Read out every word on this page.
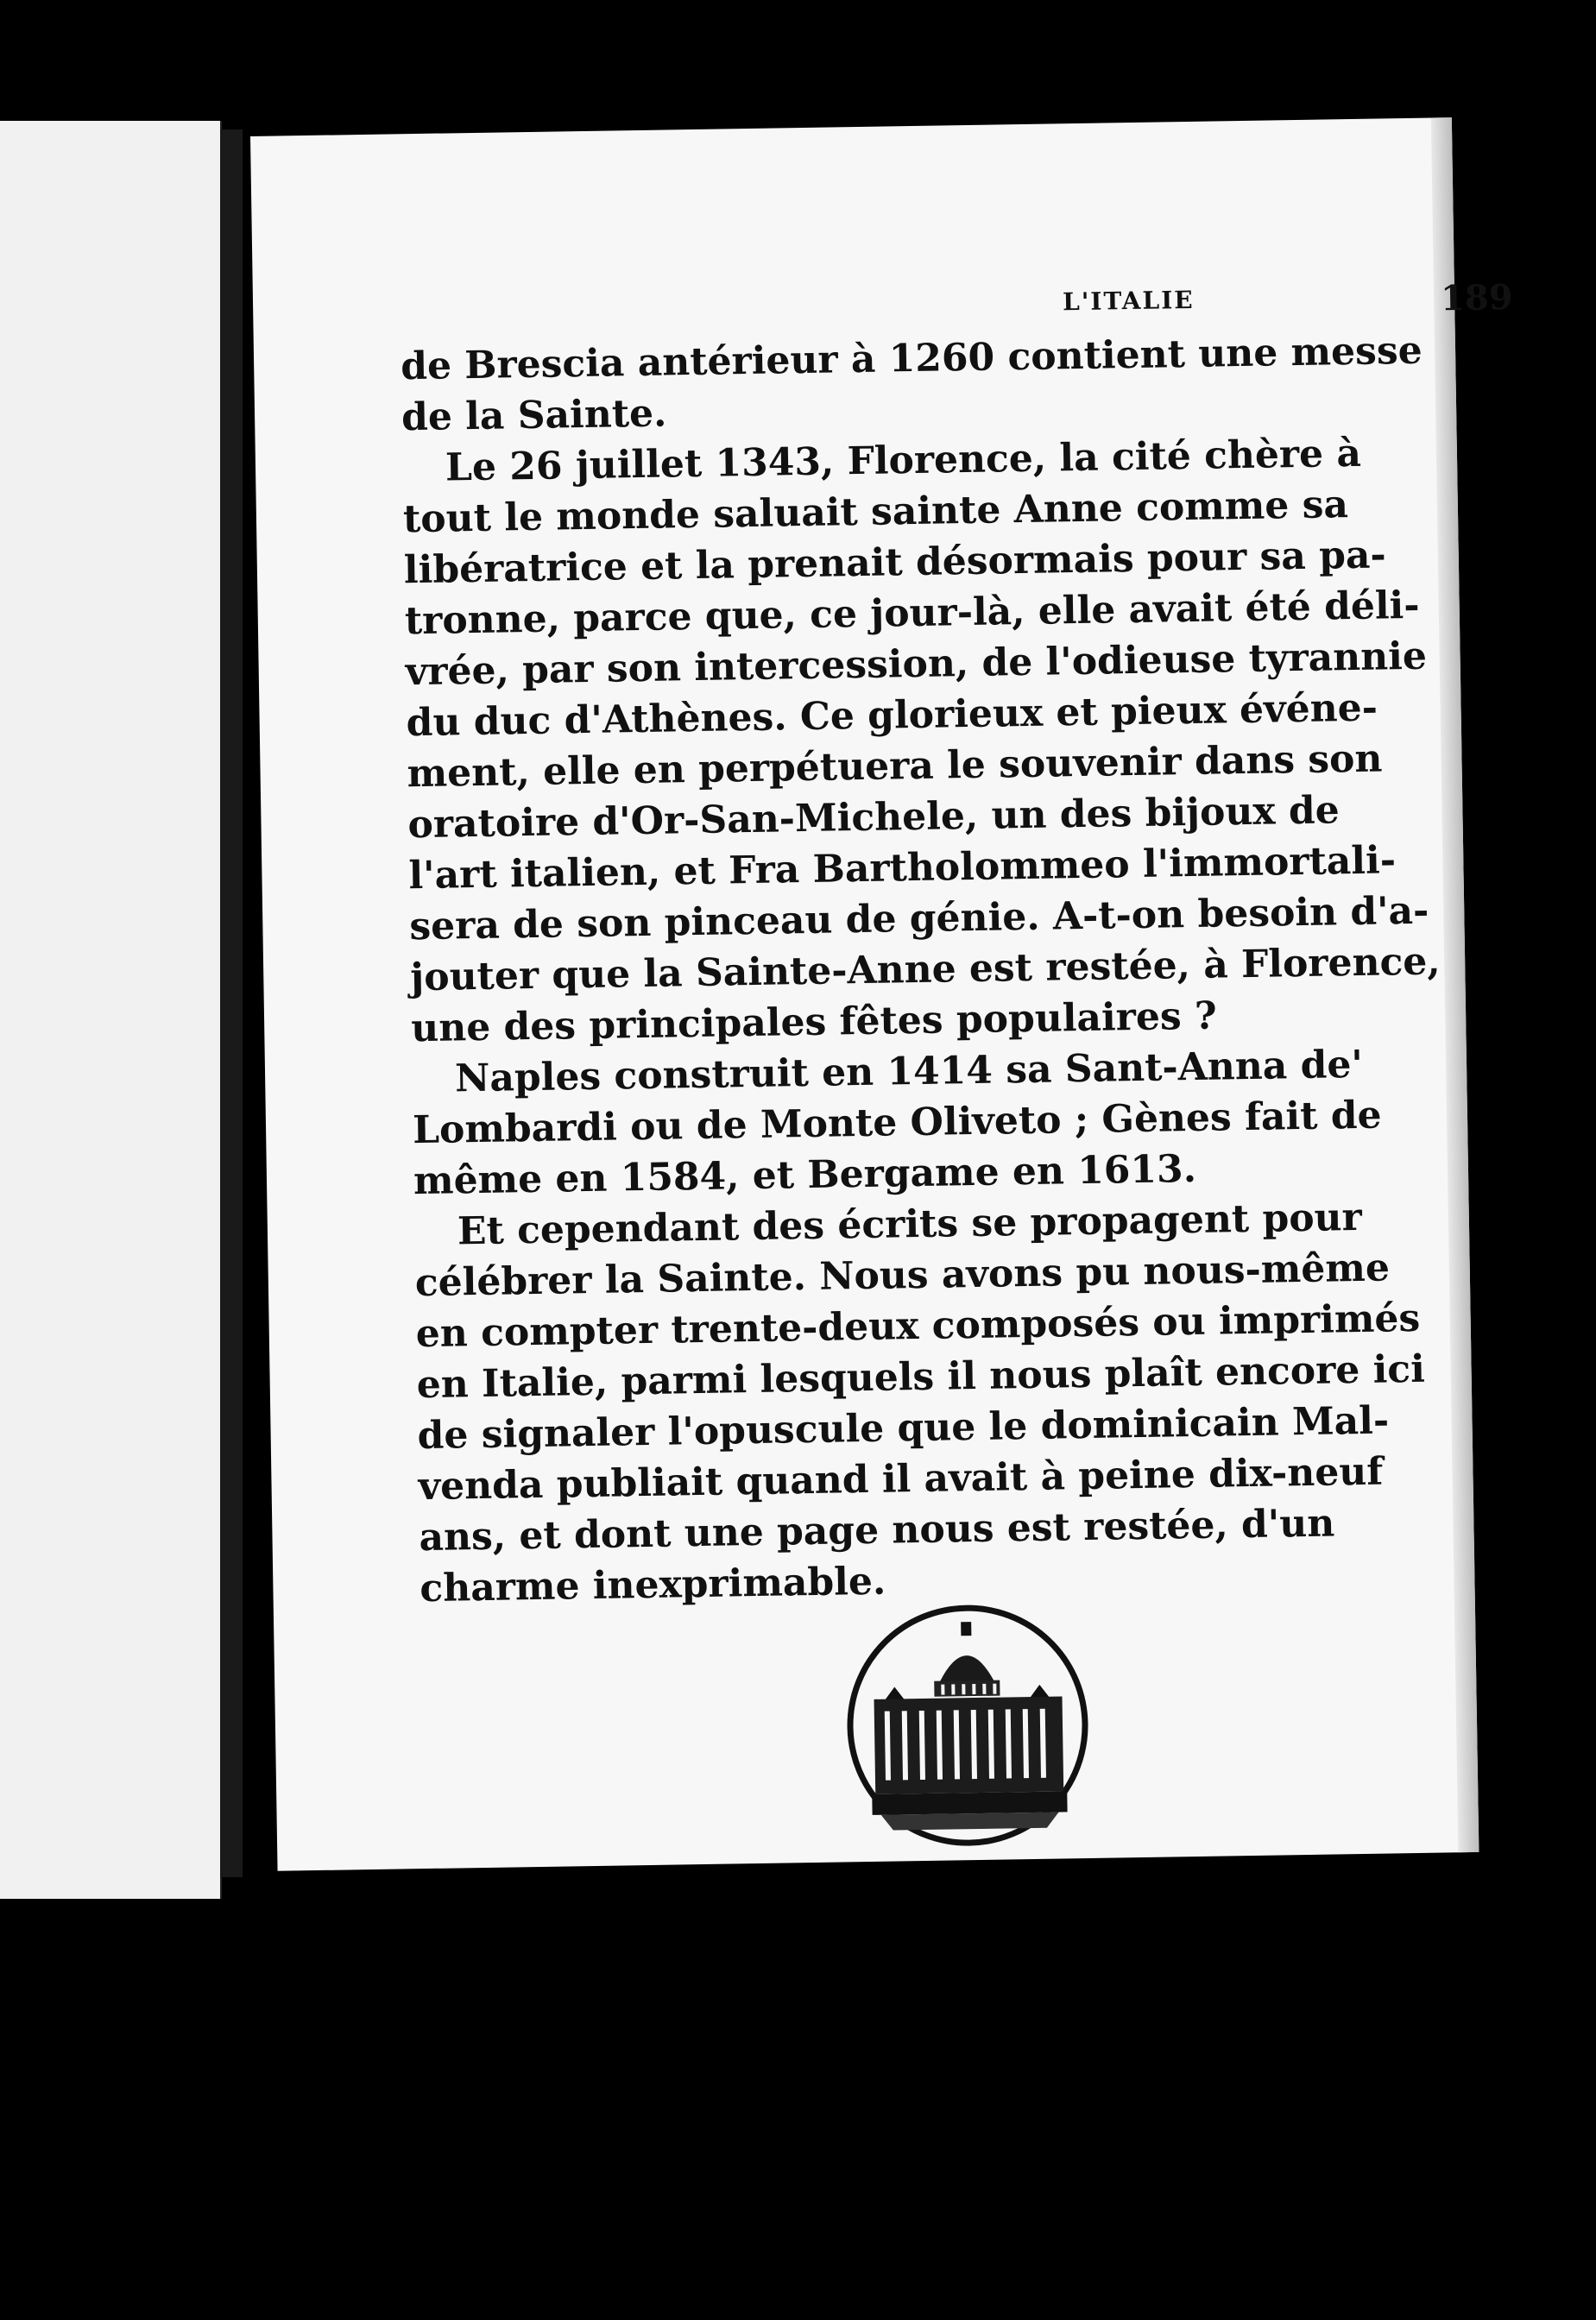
L'ITALIE	189
de Brescia antérieur à 1260 contient une messe
de la Sainte.
Le 26 juillet 1343, Florence, la cité chère à
tout le monde saluait sainte Anne comme sa
libératrice et la prenait désormais pour sa pa-
tronne, parce que, ce jour-là, elle avait été déli-
vrée, par son intercession, de l'odieuse tyrannie
du duc d'Athènes. Ce glorieux et pieux événe-
ment, elle en perpétuera le souvenir dans son
oratoire d'Or-San-Michele, un des bijoux de
l'art italien, et Fra Bartholommeo l'immortali-
sera de son pinceau de génie. A-t-on besoin d'a-
jouter que la Sainte-Anne est restée, à Florence,
une des principales fêtes populaires ?
Naples construit en 1414 sa Sant-Anna de'
Lombardi ou de Monte Oliveto ; Gènes fait de
même en 1584, et Bergame en 1613.
Et cependant des écrits se propagent pour
célébrer la Sainte. Nous avons pu nous-même
en compter trente-deux composés ou imprimés
en Italie, parmi lesquels il nous plaît encore ici
de signaler l'opuscule que le dominicain Mal-
venda publiait quand il avait à peine dix-neuf
ans, et dont une page nous est restée, d'un
charme inexprimable.
